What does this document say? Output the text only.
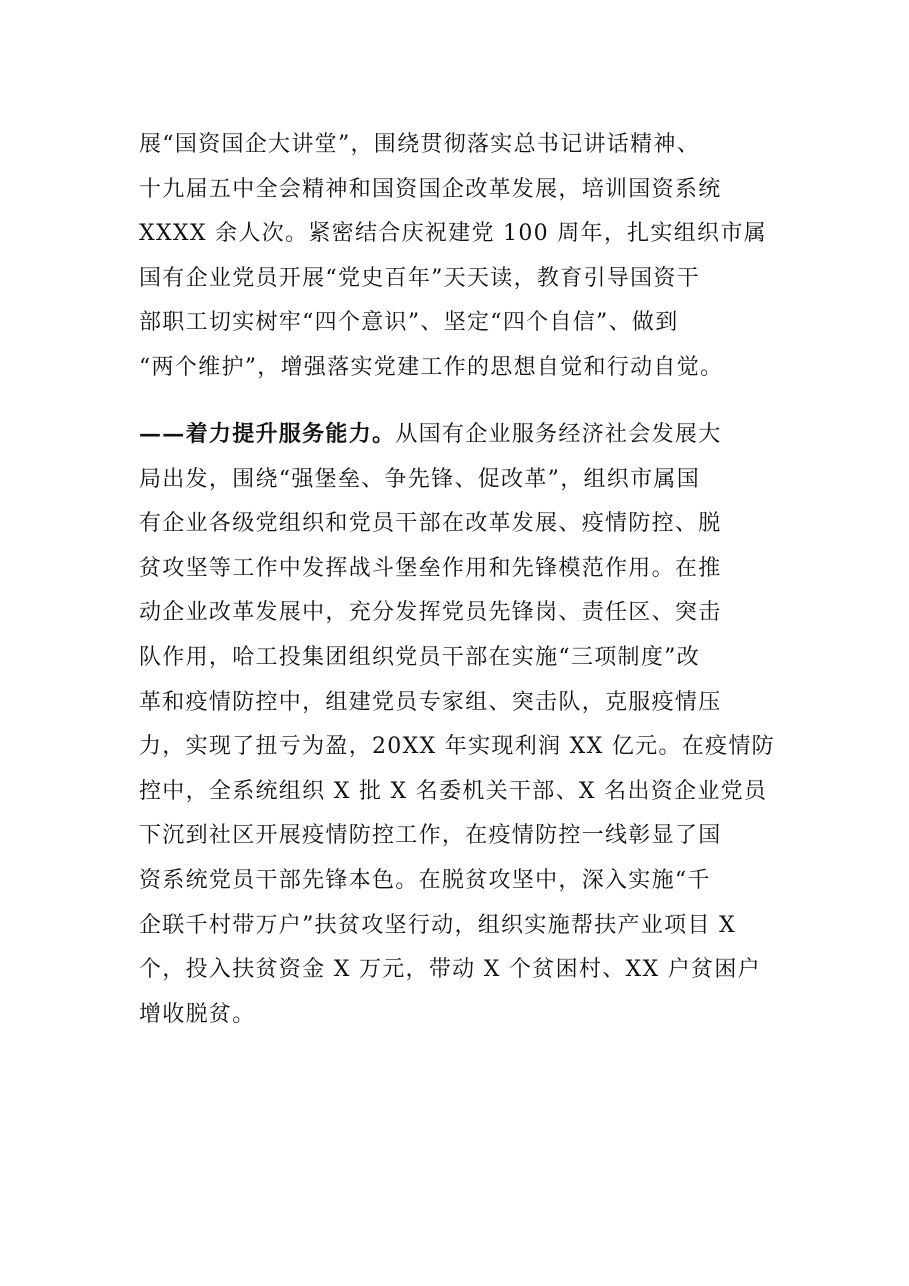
展“国资国企大讲堂”，围绕贯彻落实总书记讲话精神、
十九届五中全会精神和国资国企改革发展，培训国资系统
XXXX 余人次。紧密结合庆祝建党 100 周年，扎实组织市属
国有企业党员开展“党史百年”天天读，教育引导国资干
部职工切实树牢“四个意识”、坚定“四个自信”、做到
“两个维护”，增强落实党建工作的思想自觉和行动自觉。
——着力提升服务能力。从国有企业服务经济社会发展大
局出发，围绕“强堡垒、争先锋、促改革”，组织市属国
有企业各级党组织和党员干部在改革发展、疫情防控、脱
贫攻坚等工作中发挥战斗堡垒作用和先锋模范作用。在推
动企业改革发展中，充分发挥党员先锋岗、责任区、突击
队作用，哈工投集团组织党员干部在实施“三项制度”改
革和疫情防控中，组建党员专家组、突击队，克服疫情压
力，实现了扭亏为盈，20XX 年实现利润 XX 亿元。在疫情防
控中，全系统组织 X 批 X 名委机关干部、X 名出资企业党员
下沉到社区开展疫情防控工作，在疫情防控一线彰显了国
资系统党员干部先锋本色。在脱贫攻坚中，深入实施“千
企联千村带万户”扶贫攻坚行动，组织实施帮扶产业项目 X
个，投入扶贫资金 X 万元，带动 X 个贫困村、XX 户贫困户
增收脱贫。
